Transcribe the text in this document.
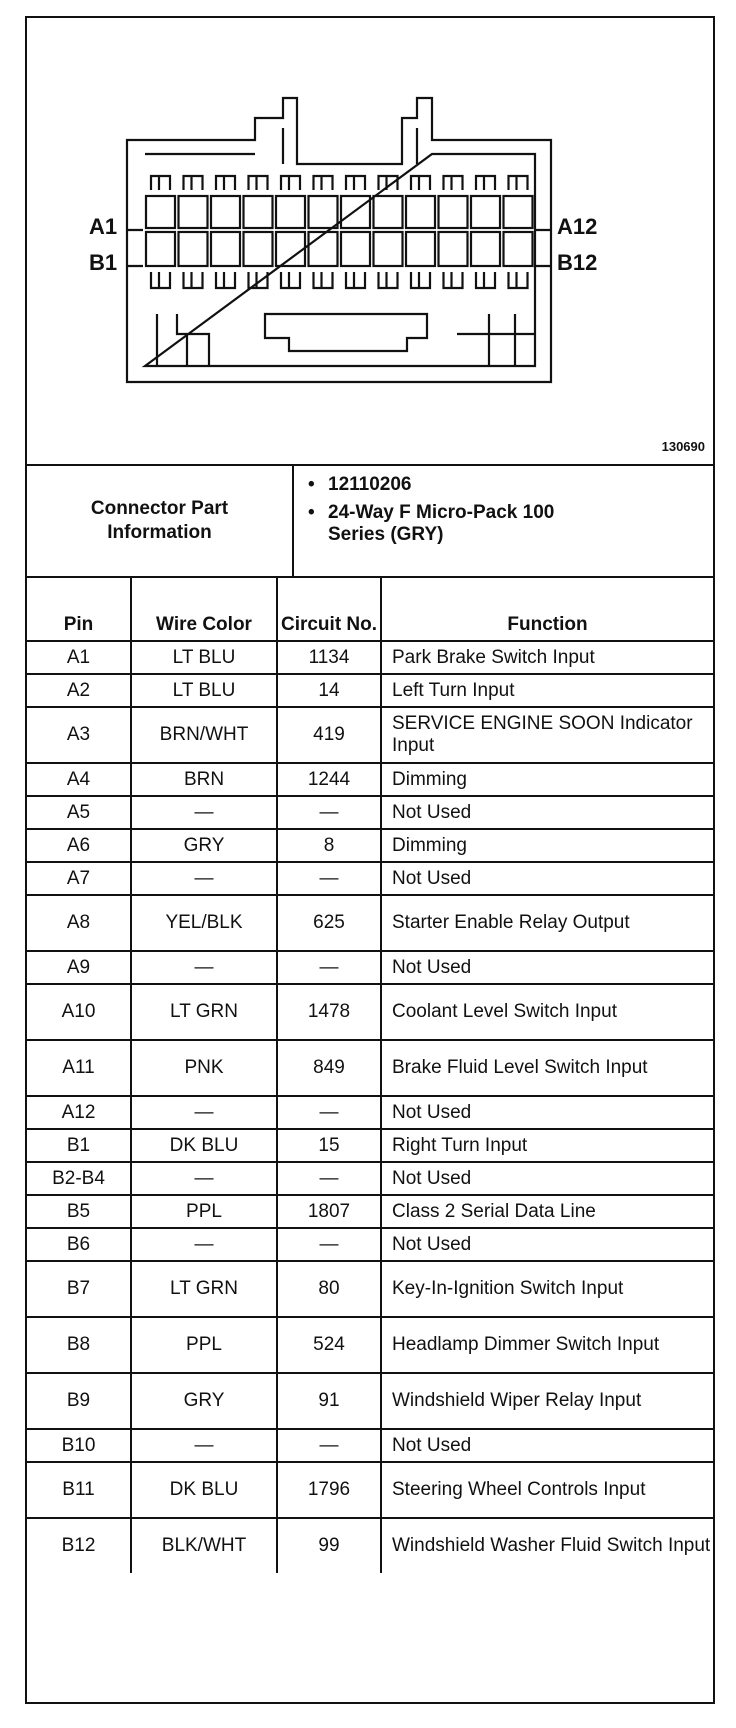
A1
B1
A12
B12
130690
Connector Part Information
• 12110206
• 24-Way F Micro-Pack 100 Series (GRY)
Pin	Wire Color	Circuit No.	Function
A1	LT BLU	1134	Park Brake Switch Input
A2	LT BLU	14	Left Turn Input
A3	BRN/WHT	419	SERVICE ENGINE SOON Indicator Input
A4	BRN	1244	Dimming
A5	—	—	Not Used
A6	GRY	8	Dimming
A7	—	—	Not Used
A8	YEL/BLK	625	Starter Enable Relay Output
A9	—	—	Not Used
A10	LT GRN	1478	Coolant Level Switch Input
A11	PNK	849	Brake Fluid Level Switch Input
A12	—	—	Not Used
B1	DK BLU	15	Right Turn Input
B2-B4	—	—	Not Used
B5	PPL	1807	Class 2 Serial Data Line
B6	—	—	Not Used
B7	LT GRN	80	Key-In-Ignition Switch Input
B8	PPL	524	Headlamp Dimmer Switch Input
B9	GRY	91	Windshield Wiper Relay Input
B10	—	—	Not Used
B11	DK BLU	1796	Steering Wheel Controls Input
B12	BLK/WHT	99	Windshield Washer Fluid Switch Input
